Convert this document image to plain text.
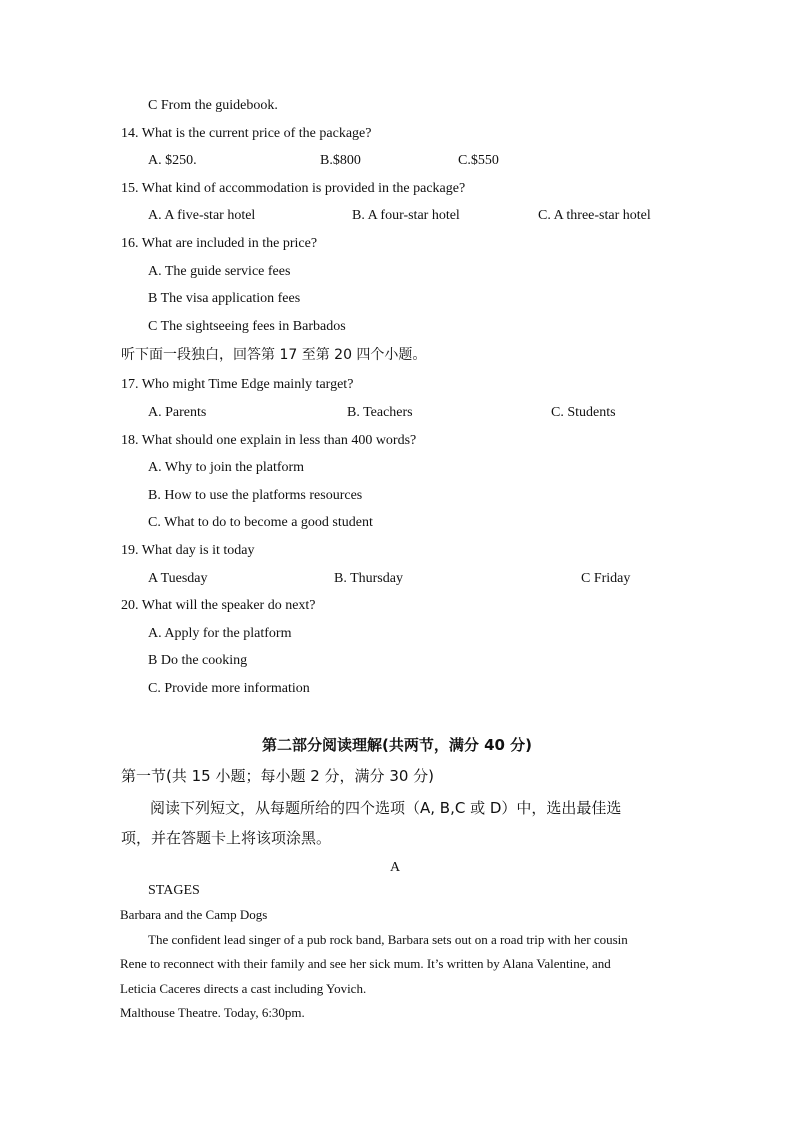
C From the guidebook.
14. What is the current price of the package?
A. $250.	B.$800	C.$550
15. What kind of accommodation is provided in the package?
A. A five-star hotel	B. A four-star hotel	C. A three-star hotel
16. What are included in the price?
A. The guide service fees
B The visa application fees
C The sightseeing fees in Barbados
听下面一段独白，回答第 17 至第 20 四个小题。
17. Who might Time Edge mainly target?
A. Parents	B. Teachers	C. Students
18. What should one explain in less than 400 words?
A. Why to join the platform
B. How to use the platforms resources
C. What to do to become a good student
19. What day is it today
A Tuesday	B. Thursday	C Friday
20. What will the speaker do next?
A. Apply for the platform
B Do the cooking
C. Provide more information
第二部分阅读理解(共两节，满分 40 分)
第一节(共 15 小题；每小题 2 分，满分 30 分)
阅读下列短文，从每题所给的四个选项（A, B,C 或 D）中，选出最佳选
项，并在答题卡上将该项涂黑。
A
STAGES
Barbara and the Camp Dogs
The confident lead singer of a pub rock band, Barbara sets out on a road trip with her cousin
Rene to reconnect with their family and see her sick mum. It’s written by Alana Valentine, and
Leticia Caceres directs a cast including Yovich.
Malthouse Theatre. Today, 6:30pm.
